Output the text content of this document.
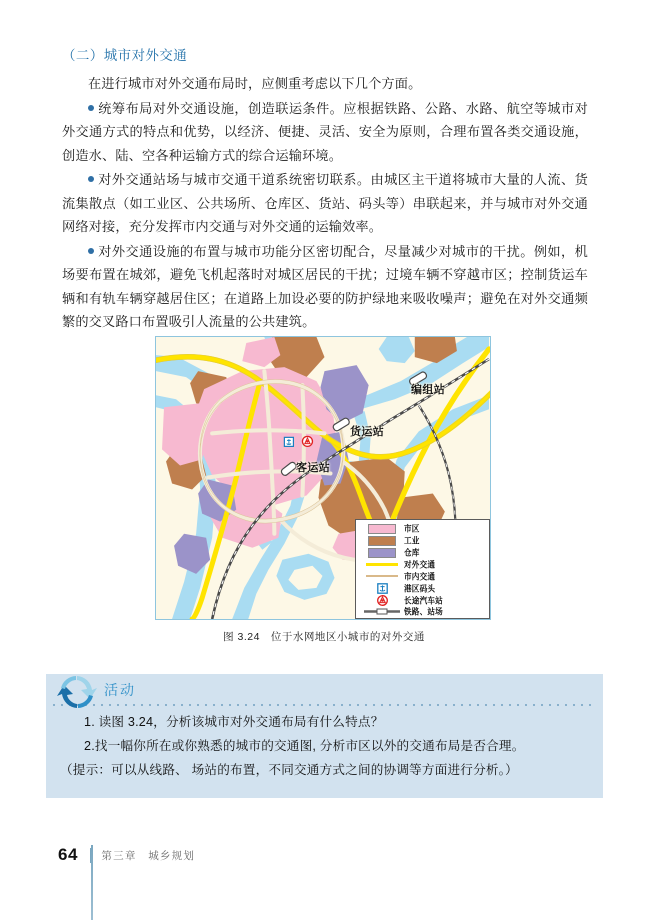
（二）城市对外交通

在进行城市对外交通布局时，应侧重考虑以下几个方面。

统筹布局对外交通设施，创造联运条件。应根据铁路、公路、水路、航空等城市对外交通方式的特点和优势，以经济、便捷、灵活、安全为原则，合理布置各类交通设施，创造水、陆、空各种运输方式的综合运输环境。

对外交通站场与城市交通干道系统密切联系。由城区主干道将城市大量的人流、货流集散点（如工业区、公共场所、仓库区、货站、码头等）串联起来，并与城市对外交通网络对接，充分发挥市内交通与对外交通的运输效率。

对外交通设施的布置与城市功能分区密切配合，尽量减少对城市的干扰。例如，机场要布置在城郊，避免飞机起落时对城区居民的干扰；过境车辆不穿越市区；控制货运车辆和有轨车辆穿越居住区；在道路上加设必要的防护绿地来吸收噪声；避免在对外交通频繁的交叉路口布置吸引人流量的公共建筑。

编组站
货运站
客运站
市区
工业
仓库
对外交通
市内交通
港区码头
长途汽车站
铁路、站场
图 3.24　位于水网地区小城市的对外交通
活动
1. 读图 3.24，分析该城市对外交通布局有什么特点？
2.找一幅你所在或你熟悉的城市的交通图, 分析市区以外的交通布局是否合理。
（提示：可以从线路、 场站的布置，不同交通方式之间的协调等方面进行分析。）
64 第三章　城乡规划
